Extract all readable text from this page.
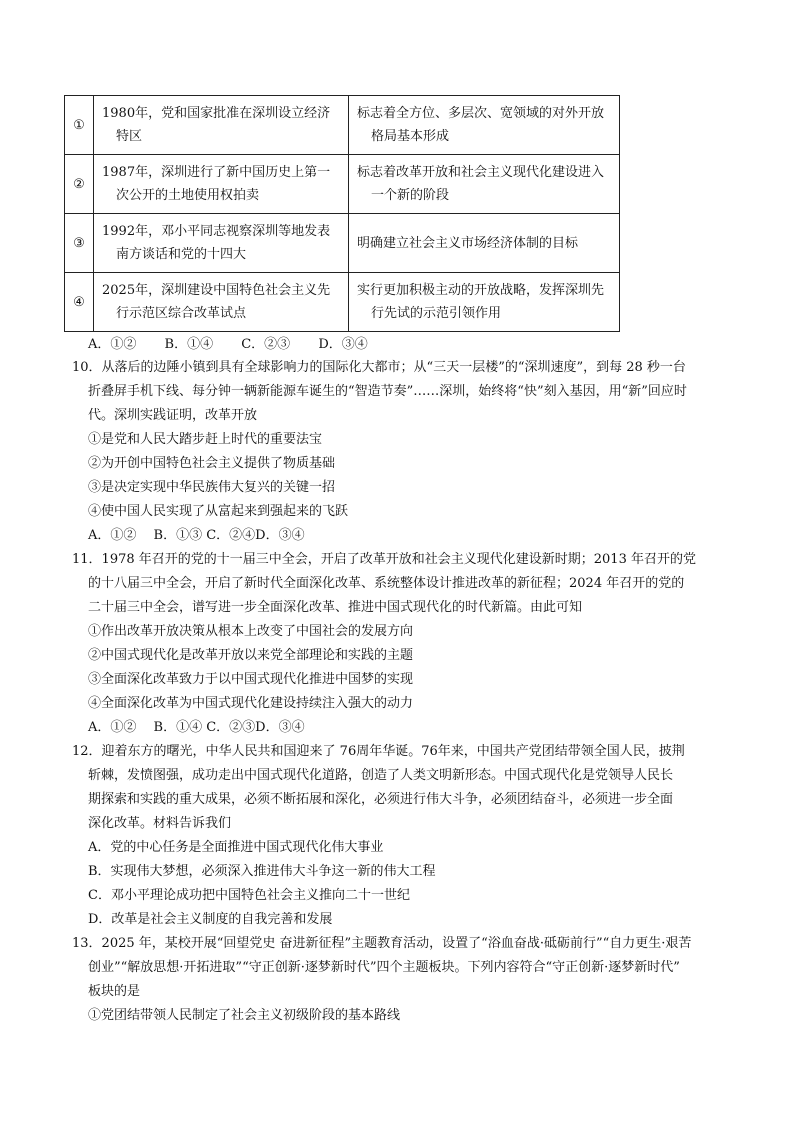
①	1980年，党和国家批准在深圳设立经济特区	标志着全方位、多层次、宽领域的对外开放格局基本形成

②	1987年，深圳进行了新中国历史上第一次公开的土地使用权拍卖	标志着改革开放和社会主义现代化建设进入一个新的阶段

③	1992年，邓小平同志视察深圳等地发表南方谈话和党的十四大	明确建立社会主义市场经济体制的目标
④	2025年，深圳建设中国特色社会主义先行示范区综合改革试点	实行更加积极主动的开放战略，发挥深圳先行先试的示范引领作用
A．①② B．①④ C．②③ D．③④
10．从落后的边陲小镇到具有全球影响力的国际化大都市；从“三天一层楼”的“深圳速度”，到每 28 秒一台
折叠屏手机下线、每分钟一辆新能源车诞生的“智造节奏”……深圳，始终将“快”刻入基因，用“新”回应时
代。深圳实践证明，改革开放
①是党和人民大踏步赶上时代的重要法宝
②为开创中国特色社会主义提供了物质基础
③是决定实现中华民族伟大复兴的关键一招
④使中国人民实现了从富起来到强起来的飞跃
A．①②　 B．①③ C．②④D．③④
11．1978 年召开的党的十一届三中全会，开启了改革开放和社会主义现代化建设新时期；2013 年召开的党
的十八届三中全会，开启了新时代全面深化改革、系统整体设计推进改革的新征程；2024 年召开的党的
二十届三中全会，谱写进一步全面深化改革、推进中国式现代化的时代新篇。由此可知
①作出改革开放决策从根本上改变了中国社会的发展方向
②中国式现代化是改革开放以来党全部理论和实践的主题
③全面深化改革致力于以中国式现代化推进中国梦的实现
④全面深化改革为中国式现代化建设持续注入强大的动力
A．①②　 B．①④ C．②③D．③④
12．迎着东方的曙光，中华人民共和国迎来了 76周年华诞。76年来，中国共产党团结带领全国人民，披荆
斩棘，发愤图强，成功走出中国式现代化道路，创造了人类文明新形态。中国式现代化是党领导人民长
期探索和实践的重大成果，必须不断拓展和深化，必须进行伟大斗争，必须团结奋斗，必须进一步全面
深化改革。材料告诉我们
A．党的中心任务是全面推进中国式现代化伟大事业
B．实现伟大梦想，必须深入推进伟大斗争这一新的伟大工程
C．邓小平理论成功把中国特色社会主义推向二十一世纪
D．改革是社会主义制度的自我完善和发展
13．2025 年，某校开展“回望党史 奋进新征程”主题教育活动，设置了“浴血奋战·砥砺前行”“自力更生·艰苦
创业”“解放思想·开拓进取”“守正创新·逐梦新时代”四个主题板块。下列内容符合“守正创新·逐梦新时代”
板块的是
①党团结带领人民制定了社会主义初级阶段的基本路线
